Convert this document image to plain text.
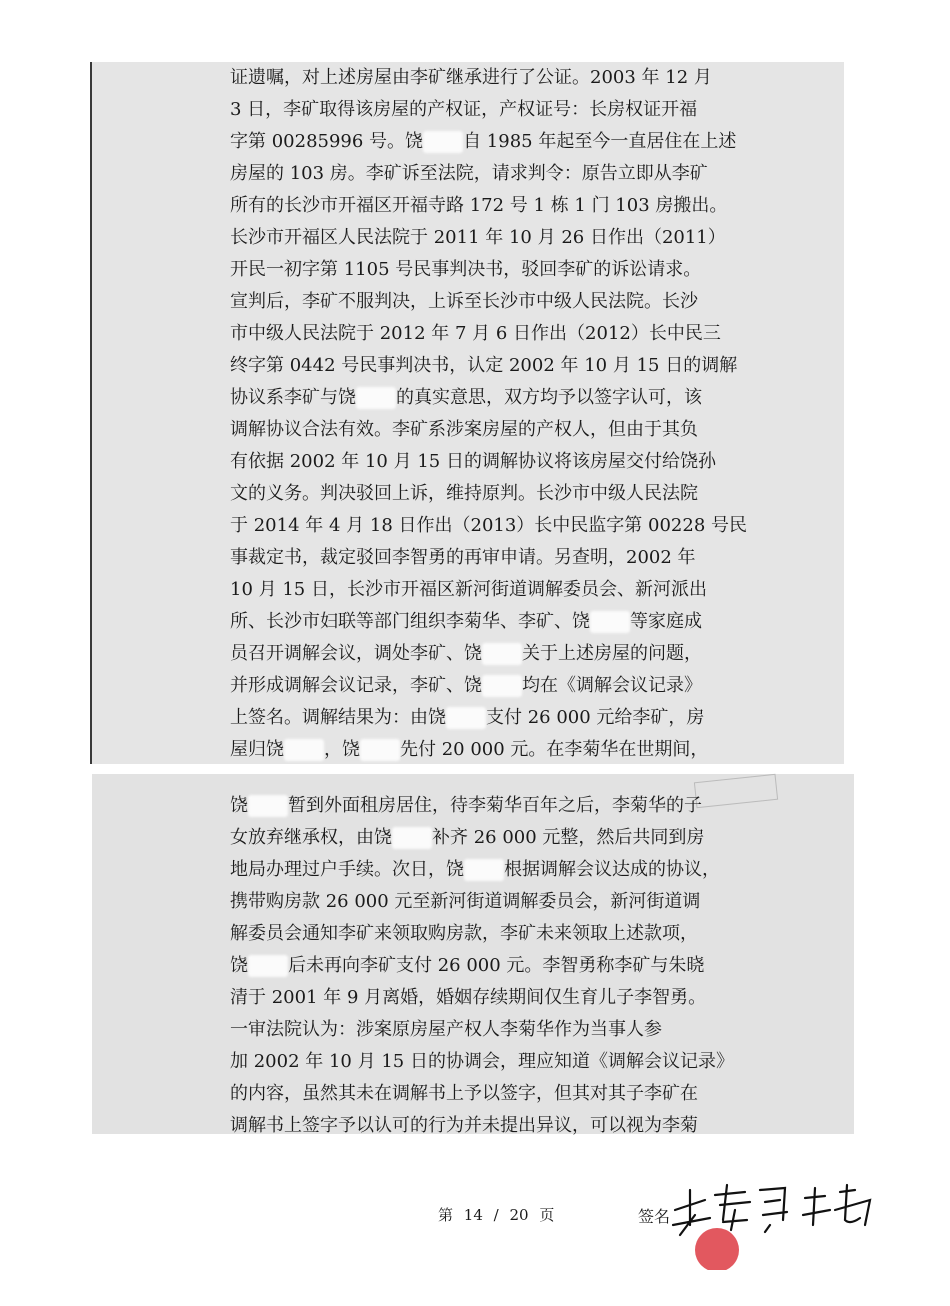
证遗嘱，对上述房屋由李矿继承进行了公证。2003 年 12 月
3 日，李矿取得该房屋的产权证，产权证号：长房权证开福
字第 00285996 号。饶 自 1985 年起至今一直居住在上述
房屋的 103 房。李矿诉至法院，请求判令：原告立即从李矿
所有的长沙市开福区开福寺路 172 号 1 栋 1 门 103 房搬出。
长沙市开福区人民法院于 2011 年 10 月 26 日作出（2011）
开民一初字第 1105 号民事判决书，驳回李矿的诉讼请求。
宣判后，李矿不服判决，上诉至长沙市中级人民法院。长沙
市中级人民法院于 2012 年 7 月 6 日作出（2012）长中民三
终字第 0442 号民事判决书，认定 2002 年 10 月 15 日的调解
协议系李矿与饶 的真实意思，双方均予以签字认可，该
调解协议合法有效。李矿系涉案房屋的产权人，但由于其负
有依据 2002 年 10 月 15 日的调解协议将该房屋交付给饶孙
文的义务。判决驳回上诉，维持原判。长沙市中级人民法院
于 2014 年 4 月 18 日作出（2013）长中民监字第 00228 号民
事裁定书，裁定驳回李智勇的再审申请。另查明，2002 年
10 月 15 日，长沙市开福区新河街道调解委员会、新河派出
所、长沙市妇联等部门组织李菊华、李矿、饶 等家庭成
员召开调解会议，调处李矿、饶 关于上述房屋的问题，
并形成调解会议记录，李矿、饶 均在《调解会议记录》
上签名。调解结果为：由饶 支付 26 000 元给李矿，房
屋归饶 ，饶 先付 20 000 元。在李菊华在世期间，
饶 暂到外面租房居住，待李菊华百年之后，李菊华的子
女放弃继承权，由饶 补齐 26 000 元整，然后共同到房
地局办理过户手续。次日，饶 根据调解会议达成的协议，
携带购房款 26 000 元至新河街道调解委员会，新河街道调
解委员会通知李矿来领取购房款，李矿未来领取上述款项，
饶 后未再向李矿支付 26 000 元。李智勇称李矿与朱晓
清于 2001 年 9 月离婚，婚姻存续期间仅生育儿子李智勇。
一审法院认为：涉案原房屋产权人李菊华作为当事人参
加 2002 年 10 月 15 日的协调会，理应知道《调解会议记录》
的内容，虽然其未在调解书上予以签字，但其对其子李矿在
调解书上签字予以认可的行为并未提出异议，可以视为李菊
第 14 / 20 页	签名
